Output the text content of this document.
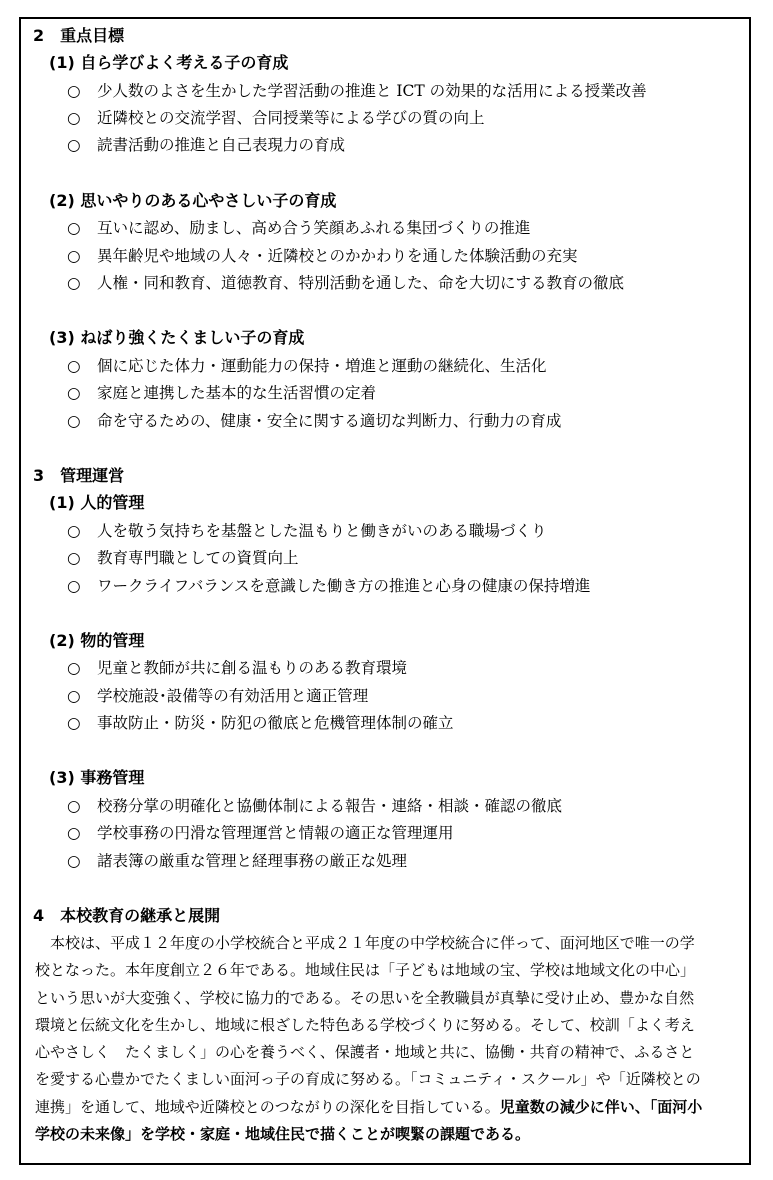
2　重点目標
(1) 自ら学びよく考える子の育成
○ 少人数のよさを生かした学習活動の推進と ICT の効果的な活用による授業改善
○ 近隣校との交流学習、合同授業等による学びの質の向上
○ 読書活動の推進と自己表現力の育成
(2) 思いやりのある心やさしい子の育成
○ 互いに認め、励まし、高め合う笑顔あふれる集団づくりの推進
○ 異年齢児や地域の人々・近隣校とのかかわりを通した体験活動の充実
○ 人権・同和教育、道徳教育、特別活動を通した、命を大切にする教育の徹底
(3) ねばり強くたくましい子の育成
○ 個に応じた体力・運動能力の保持・増進と運動の継続化、生活化
○ 家庭と連携した基本的な生活習慣の定着
○ 命を守るための、健康・安全に関する適切な判断力、行動力の育成
3　管理運営
(1) 人的管理
○ 人を敬う気持ちを基盤とした温もりと働きがいのある職場づくり
○ 教育専門職としての資質向上
○ ワークライフバランスを意識した働き方の推進と心身の健康の保持増進
(2) 物的管理
○ 児童と教師が共に創る温もりのある教育環境
○ 学校施設･設備等の有効活用と適正管理
○ 事故防止・防災・防犯の徹底と危機管理体制の確立
(3) 事務管理
○ 校務分掌の明確化と協働体制による報告・連絡・相談・確認の徹底
○ 学校事務の円滑な管理運営と情報の適正な管理運用
○ 諸表簿の厳重な管理と経理事務の厳正な処理
4　本校教育の継承と展開
　本校は、平成１２年度の小学校統合と平成２１年度の中学校統合に伴って、面河地区で唯一の学
校となった。本年度創立２６年である。地域住民は「子どもは地域の宝、学校は地域文化の中心」
という思いが大変強く、学校に協力的である。その思いを全教職員が真摯に受け止め、豊かな自然
環境と伝統文化を生かし、地域に根ざした特色ある学校づくりに努める。そして、校訓「よく考え
心やさしく　たくましく」の心を養うべく、保護者・地域と共に、協働・共育の精神で、ふるさと
を愛する心豊かでたくましい面河っ子の育成に努める。「コミュニティ・スクール」や「近隣校との
連携」を通して、地域や近隣校とのつながりの深化を目指している。児童数の減少に伴い、「面河小
学校の未来像」を学校・家庭・地域住民で描くことが喫緊の課題である。
